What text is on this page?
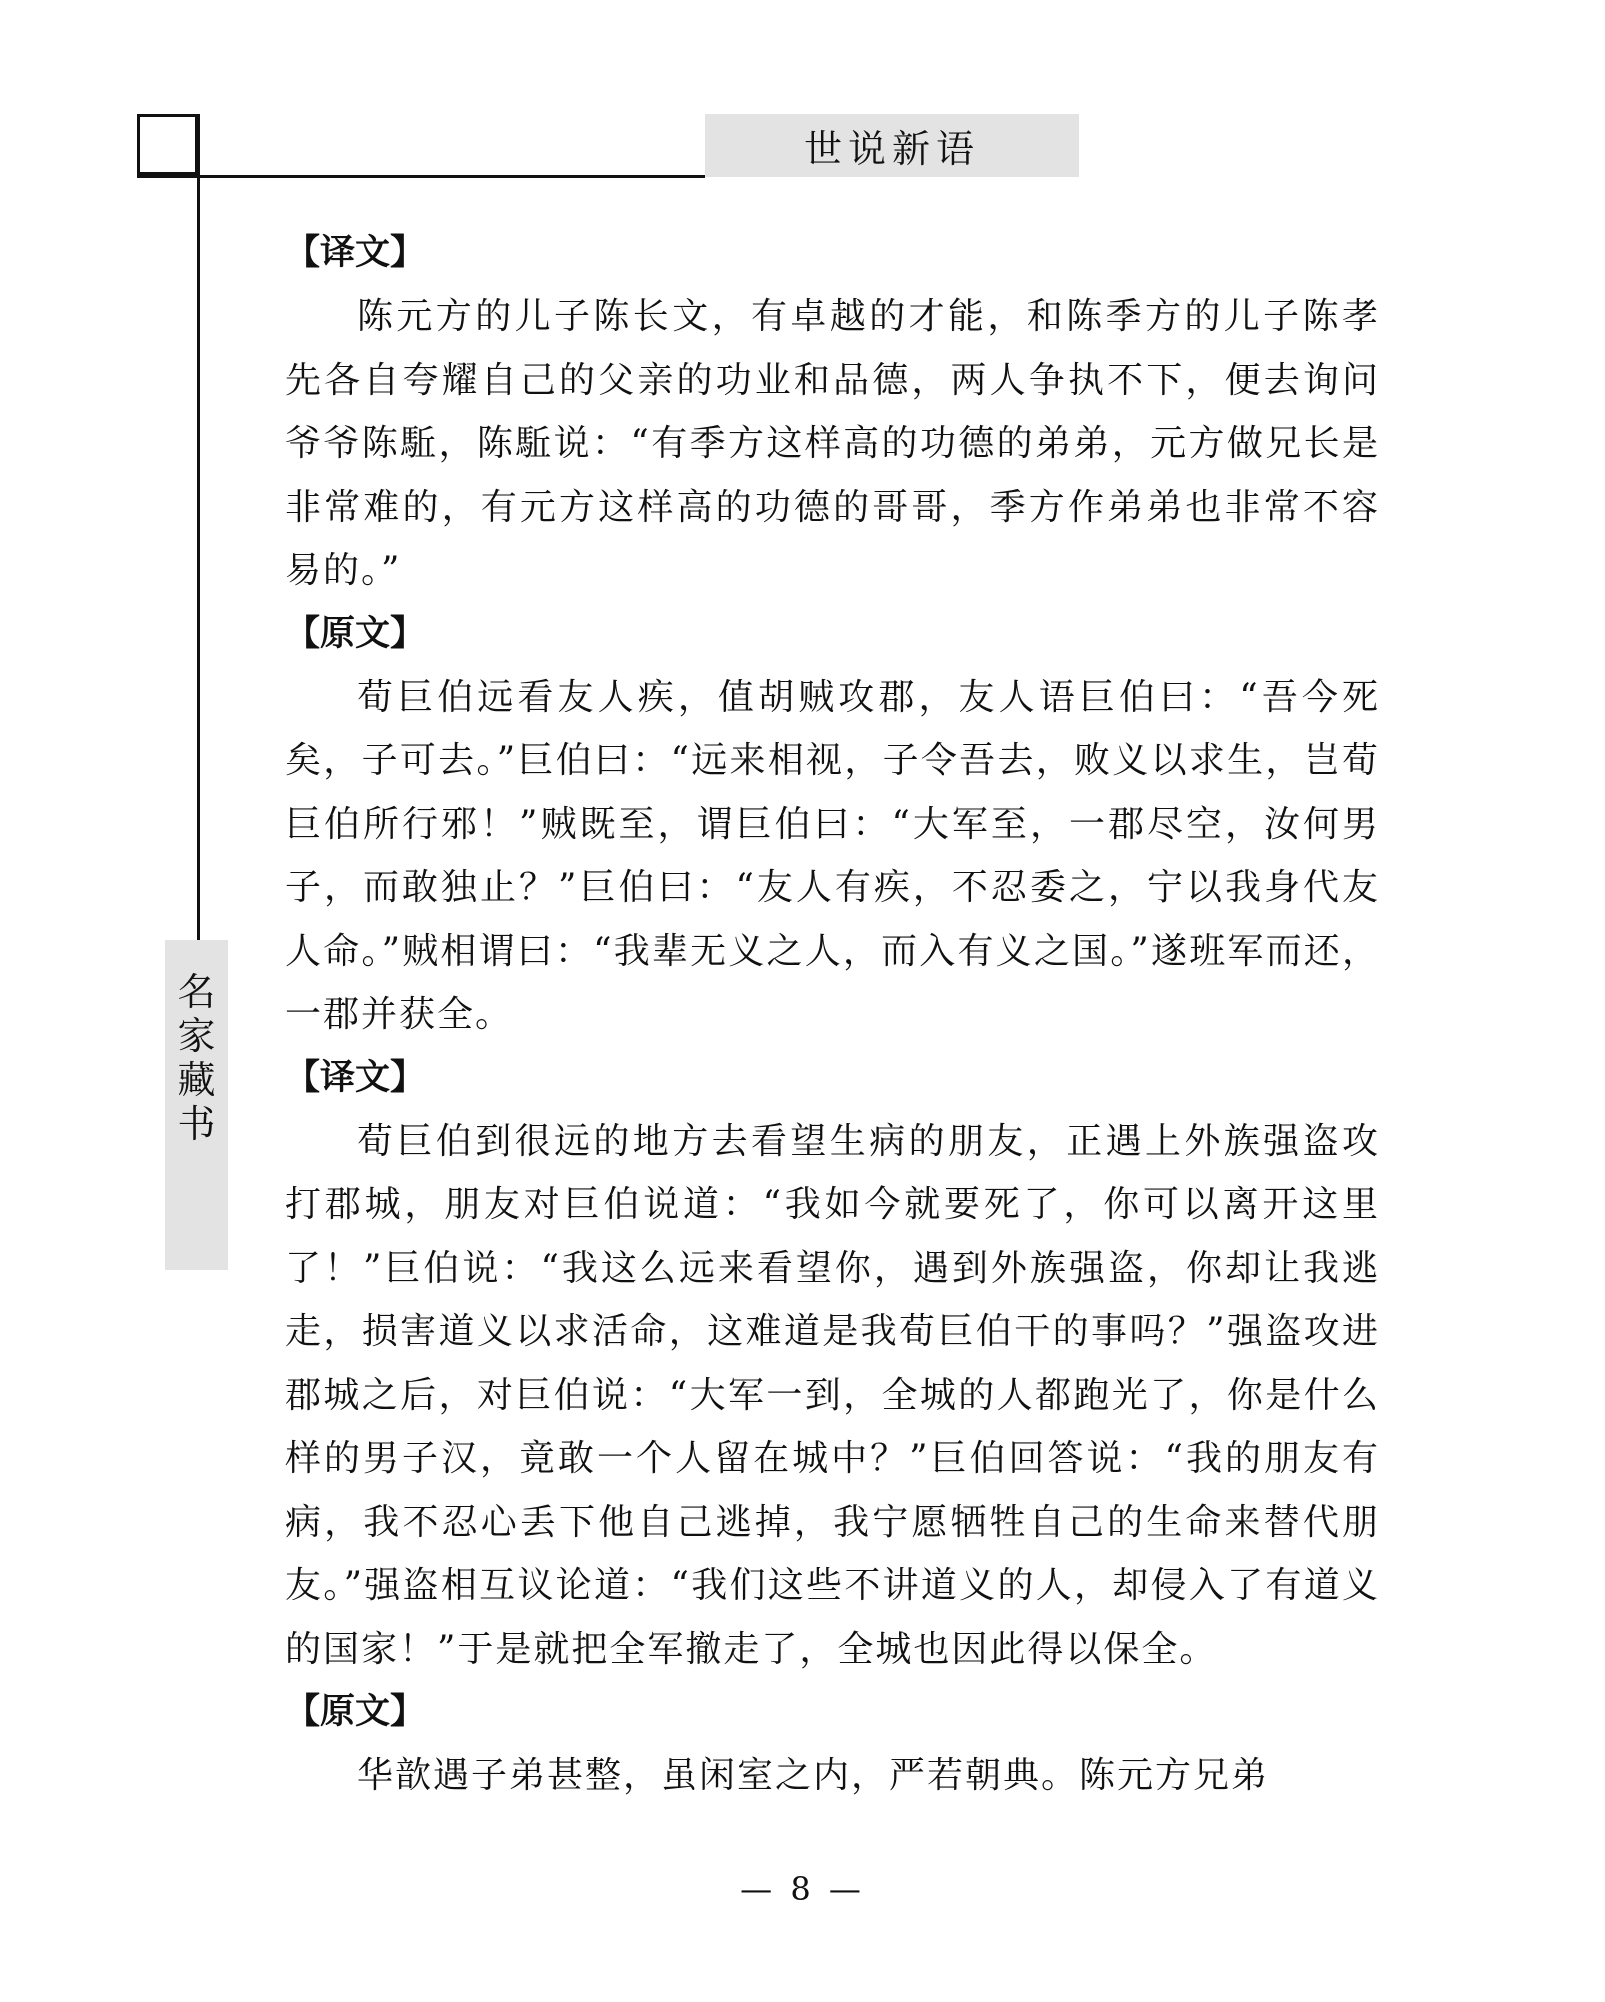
世说新语
名
家
藏
书
【译文】

陈元方的儿子陈长文，有卓越的才能，和陈季方的儿子陈孝先各自夸耀自己的父亲的功业和品德，两人争执不下，便去询问爷爷陈駈，陈駈说：“有季方这样高的功德的弟弟，元方做兄长是非常难的，有元方这样高的功德的哥哥，季方作弟弟也非常不容易的。”

【原文】

荀巨伯远看友人疾，值胡贼攻郡，友人语巨伯曰：“吾今死矣，子可去。”巨伯曰：“远来相视，子令吾去，败义以求生，岂荀巨伯所行邪！”贼既至，谓巨伯曰：“大军至，一郡尽空，汝何男子，而敢独止？”巨伯曰：“友人有疾，不忍委之，宁以我身代友人命。”贼相谓曰：“我辈无义之人，而入有义之国。”遂班军而还，一郡并获全。

【译文】

荀巨伯到很远的地方去看望生病的朋友，正遇上外族强盗攻打郡城，朋友对巨伯说道：“我如今就要死了，你可以离开这里了！”巨伯说：“我这么远来看望你，遇到外族强盗，你却让我逃走，损害道义以求活命，这难道是我荀巨伯干的事吗？”强盗攻进郡城之后，对巨伯说：“大军一到，全城的人都跑光了，你是什么样的男子汉，竟敢一个人留在城中？”巨伯回答说：“我的朋友有病，我不忍心丢下他自己逃掉，我宁愿牺牲自己的生命来替代朋友。”强盗相互议论道：“我们这些不讲道义的人，却侵入了有道义的国家！”于是就把全军撤走了，全城也因此得以保全。

【原文】

华歆遇子弟甚整，虽闲室之内，严若朝典。陈元方兄弟

— 8 —
